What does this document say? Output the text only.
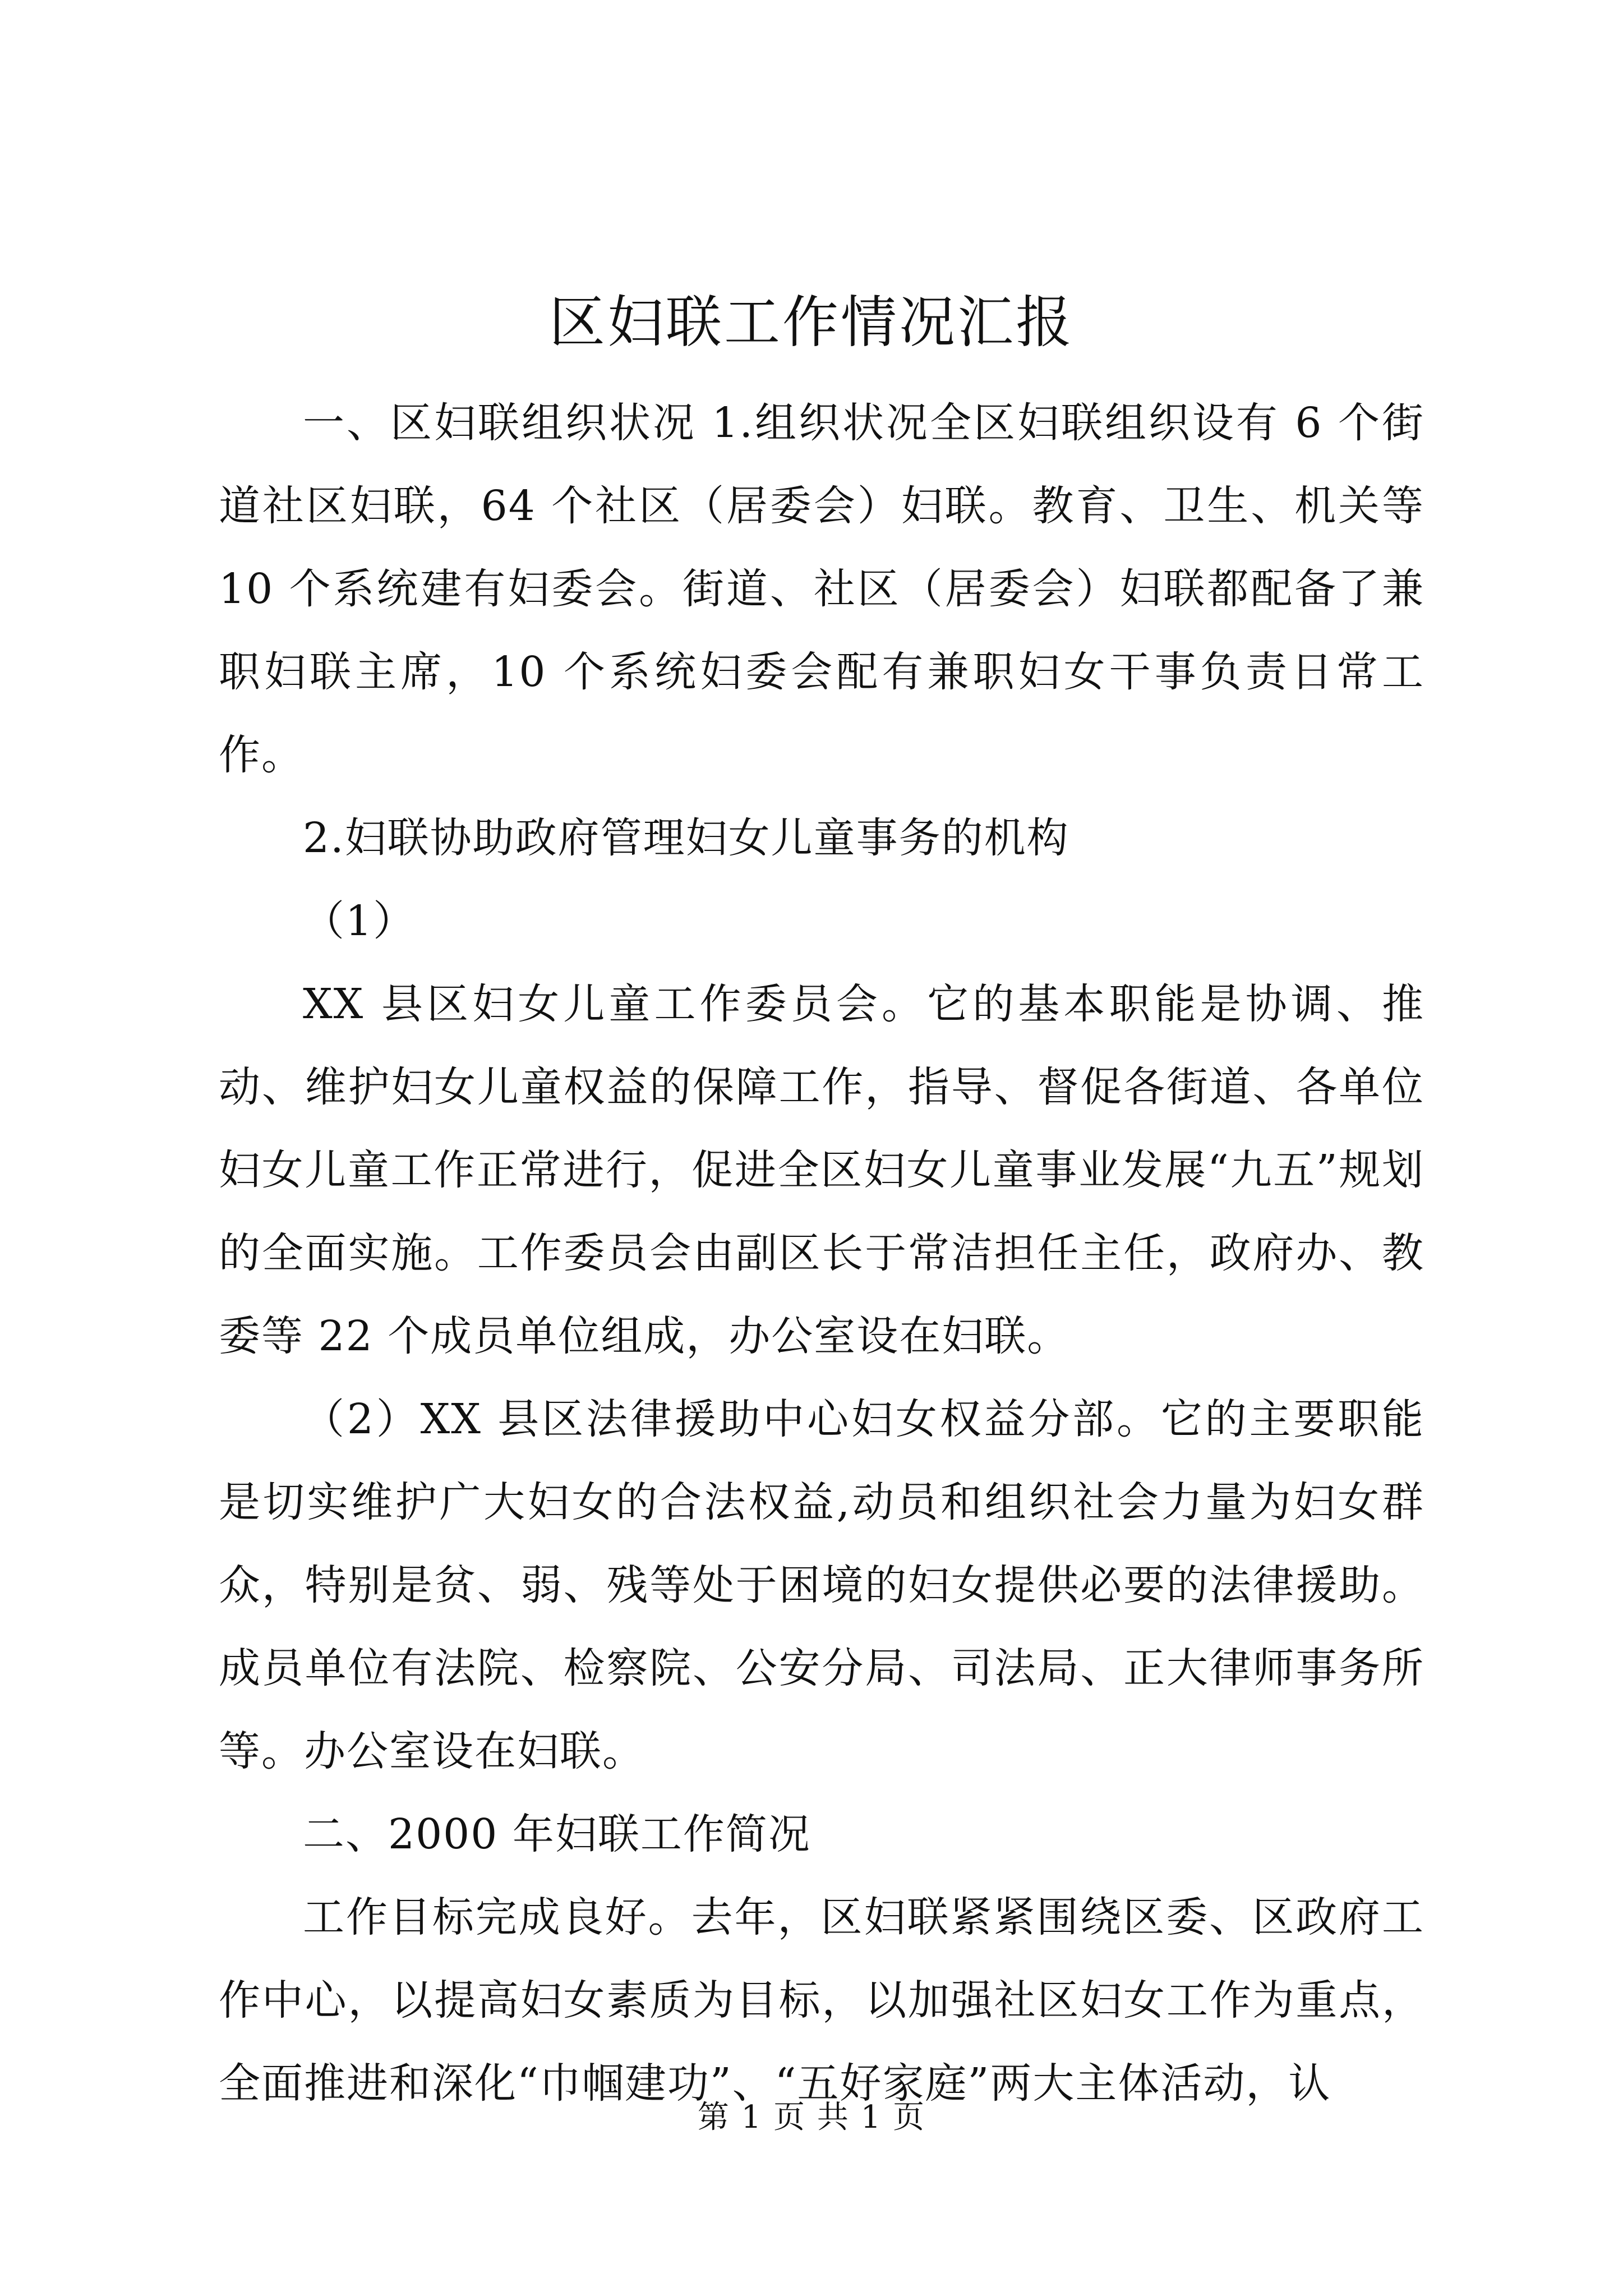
区妇联工作情况汇报

一、区妇联组织状况 1.组织状况全区妇联组织设有 6 个街道社区妇联，64 个社区（居委会）妇联。教育、卫生、机关等 10 个系统建有妇委会。街道、社区（居委会）妇联都配备了兼职妇联主席，10 个系统妇委会配有兼职妇女干事负责日常工作。

2.妇联协助政府管理妇女儿童事务的机构

（1）

XX 县区妇女儿童工作委员会。它的基本职能是协调、推动、维护妇女儿童权益的保障工作，指导、督促各街道、各单位妇女儿童工作正常进行，促进全区妇女儿童事业发展“九五”规划的全面实施。工作委员会由副区长于常洁担任主任，政府办、教委等 22 个成员单位组成，办公室设在妇联。

（2）XX 县区法律援助中心妇女权益分部。它的主要职能是切实维护广大妇女的合法权益,动员和组织社会力量为妇女群众，特别是贫、弱、残等处于困境的妇女提供必要的法律援助。成员单位有法院、检察院、公安分局、司法局、正大律师事务所等。办公室设在妇联。

二、2000 年妇联工作简况

工作目标完成良好。去年，区妇联紧紧围绕区委、区政府工作中心，以提高妇女素质为目标，以加强社区妇女工作为重点，全面推进和深化“巾帼建功”、“五好家庭”两大主体活动，认

第 1 页 共 1 页
